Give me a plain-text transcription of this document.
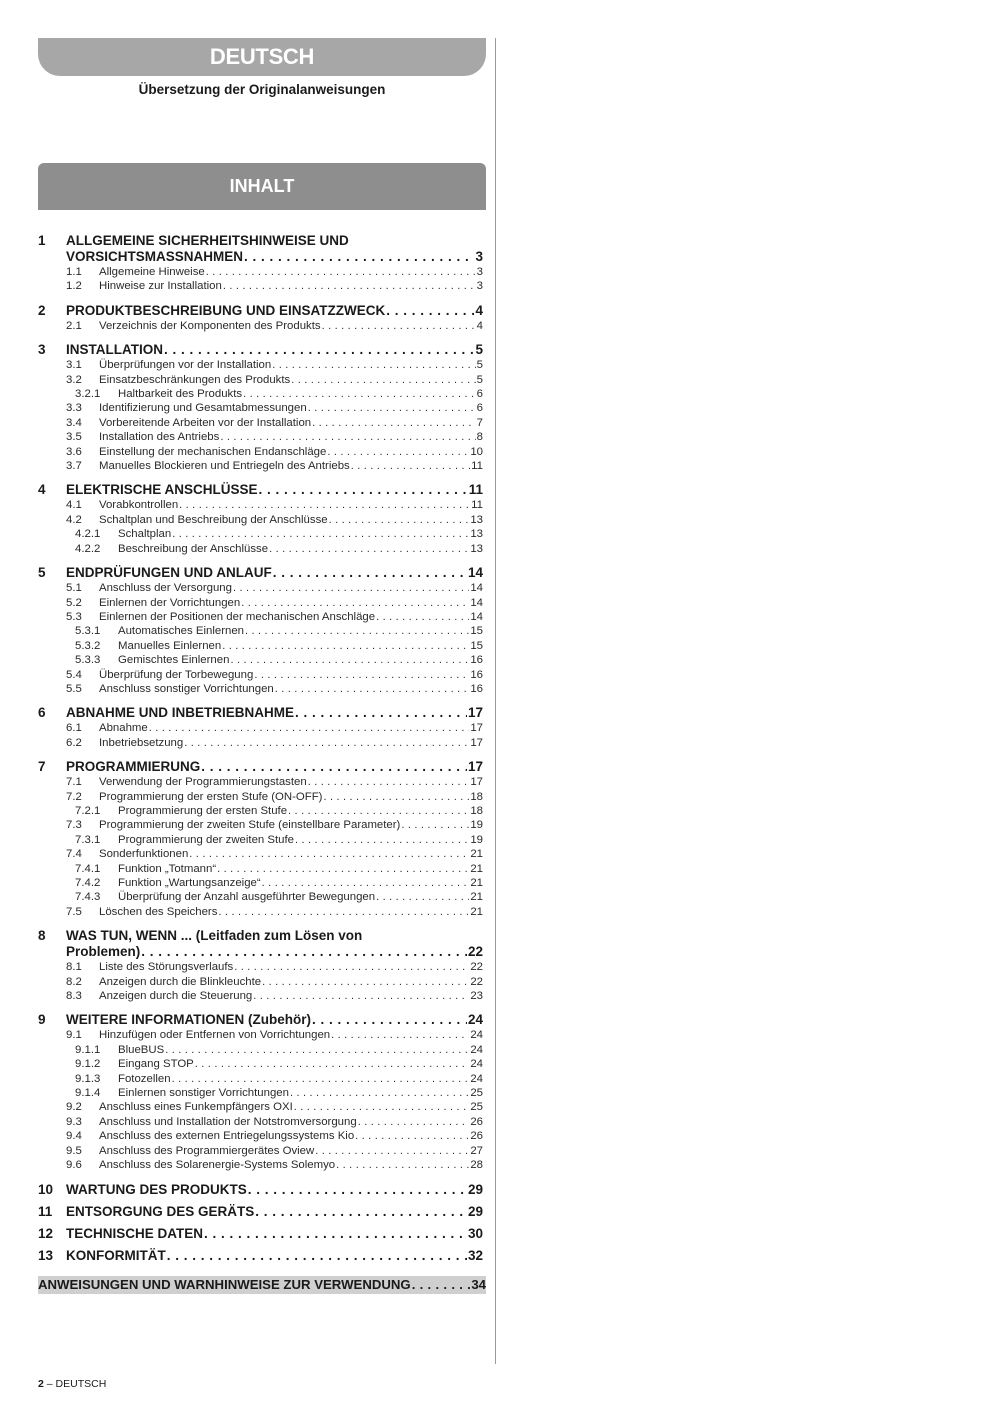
DEUTSCH
Übersetzung der Originalanweisungen
INHALT
1 ALLGEMEINE SICHERHEITSHINWEISE UND
VORSICHTSMASSNAHMEN . . .	3
1.1 Allgemeine Hinweise . . .	3
1.2 Hinweise zur Installation . . .	3
2 PRODUKTBESCHREIBUNG UND EINSATZZWECK . . .	4
2.1 Verzeichnis der Komponenten des Produkts . . .	4
3 INSTALLATION . . .	5
3.1 Überprüfungen vor der Installation . . .	5
3.2 Einsatzbeschränkungen des Produkts . . .	5
3.2.1 Haltbarkeit des Produkts . . .	6
3.3 Identifizierung und Gesamtabmessungen . . .	6
3.4 Vorbereitende Arbeiten vor der Installation . . .	7
3.5 Installation des Antriebs . . .	8
3.6 Einstellung der mechanischen Endanschläge . . .	10
3.7 Manuelles Blockieren und Entriegeln des Antriebs . . .	11
4 ELEKTRISCHE ANSCHLÜSSE . . .	11
4.1 Vorabkontrollen . . .	11
4.2 Schaltplan und Beschreibung der Anschlüsse . . .	13
4.2.1 Schaltplan . . .	13
4.2.2 Beschreibung der Anschlüsse . . .	13
5 ENDPRÜFUNGEN UND ANLAUF . . .	14
5.1 Anschluss der Versorgung . . .	14
5.2 Einlernen der Vorrichtungen . . .	14
5.3 Einlernen der Positionen der mechanischen Anschläge . . .	14
5.3.1 Automatisches Einlernen . . .	15
5.3.2 Manuelles Einlernen . . .	15
5.3.3 Gemischtes Einlernen . . .	16
5.4 Überprüfung der Torbewegung . . .	16
5.5 Anschluss sonstiger Vorrichtungen . . .	16
6 ABNAHME UND INBETRIEBNAHME . . .	17
6.1 Abnahme . . .	17
6.2 Inbetriebsetzung . . .	17
7 PROGRAMMIERUNG . . .	17
7.1 Verwendung der Programmierungstasten . . .	17
7.2 Programmierung der ersten Stufe (ON-OFF) . . .	18
7.2.1 Programmierung der ersten Stufe . . .	18
7.3 Programmierung der zweiten Stufe (einstellbare Parameter) . . .	19
7.3.1 Programmierung der zweiten Stufe . . .	19
7.4 Sonderfunktionen . . .	21
7.4.1 Funktion „Totmann“ . . .	21
7.4.2 Funktion „Wartungsanzeige“ . . .	21
7.4.3 Überprüfung der Anzahl ausgeführter Bewegungen . . .	21
7.5 Löschen des Speichers . . .	21
8 WAS TUN, WENN ... (Leitfaden zum Lösen von
Problemen) . . .	22
8.1 Liste des Störungsverlaufs . . .	22
8.2 Anzeigen durch die Blinkleuchte . . .	22
8.3 Anzeigen durch die Steuerung . . .	23
9 WEITERE INFORMATIONEN (Zubehör) . . .	24
9.1 Hinzufügen oder Entfernen von Vorrichtungen . . .	24
9.1.1 BlueBUS . . .	24
9.1.2 Eingang STOP . . .	24
9.1.3 Fotozellen . . .	24
9.1.4 Einlernen sonstiger Vorrichtungen . . .	25
9.2 Anschluss eines Funkempfängers OXI . . .	25
9.3 Anschluss und Installation der Notstromversorgung . . .	26
9.4 Anschluss des externen Entriegelungssystems Kio . . .	26
9.5 Anschluss des Programmiergerätes Oview . . .	27
9.6 Anschluss des Solarenergie-Systems Solemyo . . .	28
10 WARTUNG DES PRODUKTS . . .	29
11 ENTSORGUNG DES GERÄTS . . .	29
12 TECHNISCHE DATEN . . .	30
13 KONFORMITÄT . . .	32
ANWEISUNGEN UND WARNHINWEISE ZUR VERWENDUNG . . .	34
2 – DEUTSCH
